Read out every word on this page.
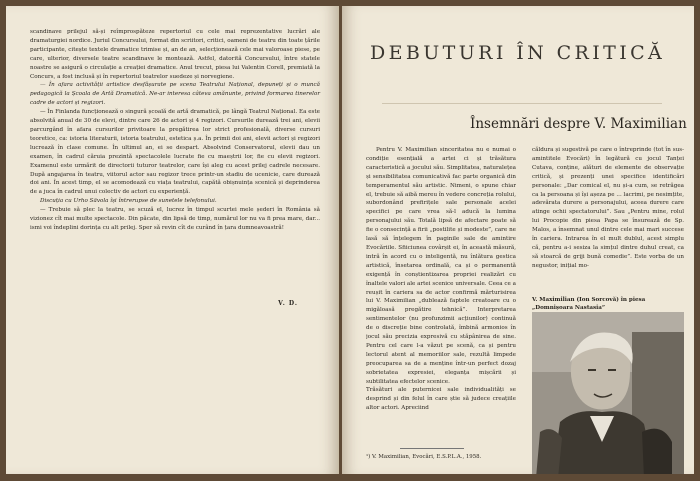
scandinave prilejul să-și reîmprospăteze repertoriul cu cele mai reprezentative lucrări ale dramaturgiei nordice. Juriul Concursului, format din scriitori, critici, oameni de teatru din toate țările participante, citește textele dramatice trimise și, an de an, selecționează cele mai valoroase piese, pe care, ulterior, diversele teatre scandinave le montează. Astfel, datorită Concursului, între statele noastre se asigură o circulație a creației dramatice. Anul trecut, piesa lui Valentin Corell, premiată la Concurs, a fost inclusă și în repertoriul teatrelor suedeze și norvegiene.

— În afara activității artistice desfășurate pe scena Teatrului Național, depuneți și o muncă pedagogică la Școala de Artă Dramatică. Ne-ar interesa câteva amănunte, privind formarea tinerelor cadre de actori și regizori.

— În Finlanda funcționează o singură școală de artă dramatică, pe lângă Teatrul Național. Ea este absolvită anual de 30 de elevi, dintre care 26 de actori și 4 regizori. Cursurile durează trei ani, elevii parcurgând în afara cursurilor privitoare la pregătirea lor strict profesională, diverse cursuri teoretice, ca: istoria literaturii, istoria teatrului, estetica ș.a. În primii doi ani, elevii actori și regizori lucrează în clase comune. În ultimul an, ei se despart. Absolvind Conservatorul, elevii dau un examen, în cadrul căruia prezintă spectacolele lucrate fie cu maeștrii lor, fie cu elevii regizori. Examenul este urmărit de directorii tuturor teatrelor, care își aleg cu acest prilej cadrele necesare. După angajarea în teatru, viitorul actor sau regizor trece printr-un stadiu de ucenicie, care durează doi ani. În acest timp, el se acomodează cu viața teatrului, capătă obișnuința scenică și deprinderea de a juca în cadrul unui colectiv de actori cu experiență.

Discuția cu Urho Sävola își întrerupse de sunetele telefonului.

— Trebuie să plec la teatru, se scuză el, lucrez în timpul scurtei mele șederi în România să vizionez cît mai multe spectacole. Din păcate, din lipsă de timp, numărul lor nu va fi prea mare, dar... ismi voi îndeplini dorința cu alt prilej. Sper să revin cît de curând în țara dumneavoastră!

V. D.
DEBUTURI ÎN CRITICĂ
Însemnări despre V. Maximilian

Pentru V. Maximilian sinceritatea nu e numai o condiție esențială a artei ci și trăsătura caracteristică a jocului său. Simplitatea, naturalețea și sensibilitatea comunicativă fac parte organică din temperamentul său artistic. Nimeni, o spune chiar el, trebuie să aibă mereu în vedere concreția rolului, subordonând prefirițele sale personale acelei specifici pe care vrea să-l aducă la lumina personajului său. Totală lipsă de afectare poate să fie o consecință a firii „postilite și modeste”, care ne lasă să înțelegem în paginile sale de amintire Evocăriile. Sfiiciunea covârșit ei, în această măsură, intră în acord cu o inteligentă, nu înlătura gestica artistică, însetarea ordinală, ca și o permanentă exigență în conștientizarea propriei realizări cu înaltele valori ale artei scenice universale. Ceea ce a reușit în cariera sa de actor confirmă mărturisirea lui V. Maximilian „dublează faptele creatoare cu o migăloasă pregătire tehnică”. Interpretarea sentimentelor (nu profunzimii acțiunilor) continuă de o discreție bine controlată, îmbină armonios în jocul său precizia expresivă cu stăpânirea de sine. Pentru cel care l-a văzut pe scenă, ca și pentru lectorul atent al memoriilor sale, rezultă limpede preocuparea sa de a menține într-un perfect dozaj sobrietatea expresiei, eleganța mișcării și subtilitatea efectelor scenice.
Trăsături ale puternicei sale individualități se desprind și din felul în care știe să judece creațiile altor actori. Apreciind

căldura și sugestivă pe care o întreprinde (tot în sus-amintitele Evocări) în legătură cu jocul Tanței Cutava, conține, alături de elemente de observație critică, și prezenți unei specifice identificări personale: „Dar comical el, nu și-a cum, se retrăgea ca la persoana și își așeza pe ... lacrimi, pe nesimțite, adevărata durere a personajului, aceea durere care atinge ochii spectatorului”. Sau „Pentru mine, rolul lui Procopie din piesa Papa se însurează de Sp. Malos, a însemnat unul dintre cele mai mari succese în cariera. Intrarea în el mult dublul, acest simplu că, pentru a-i sesiza la simțul dintre duhul creat, ca să stoarcă de griji bună comedie”. Este vorba de un negustor, inițial mo-

V. Maximilian (Ion Sorcovă) în piesa „Domnișoara Nastasia”

¹) V. Maximilian, Evocări, E.S.P.L.A., 1958.
